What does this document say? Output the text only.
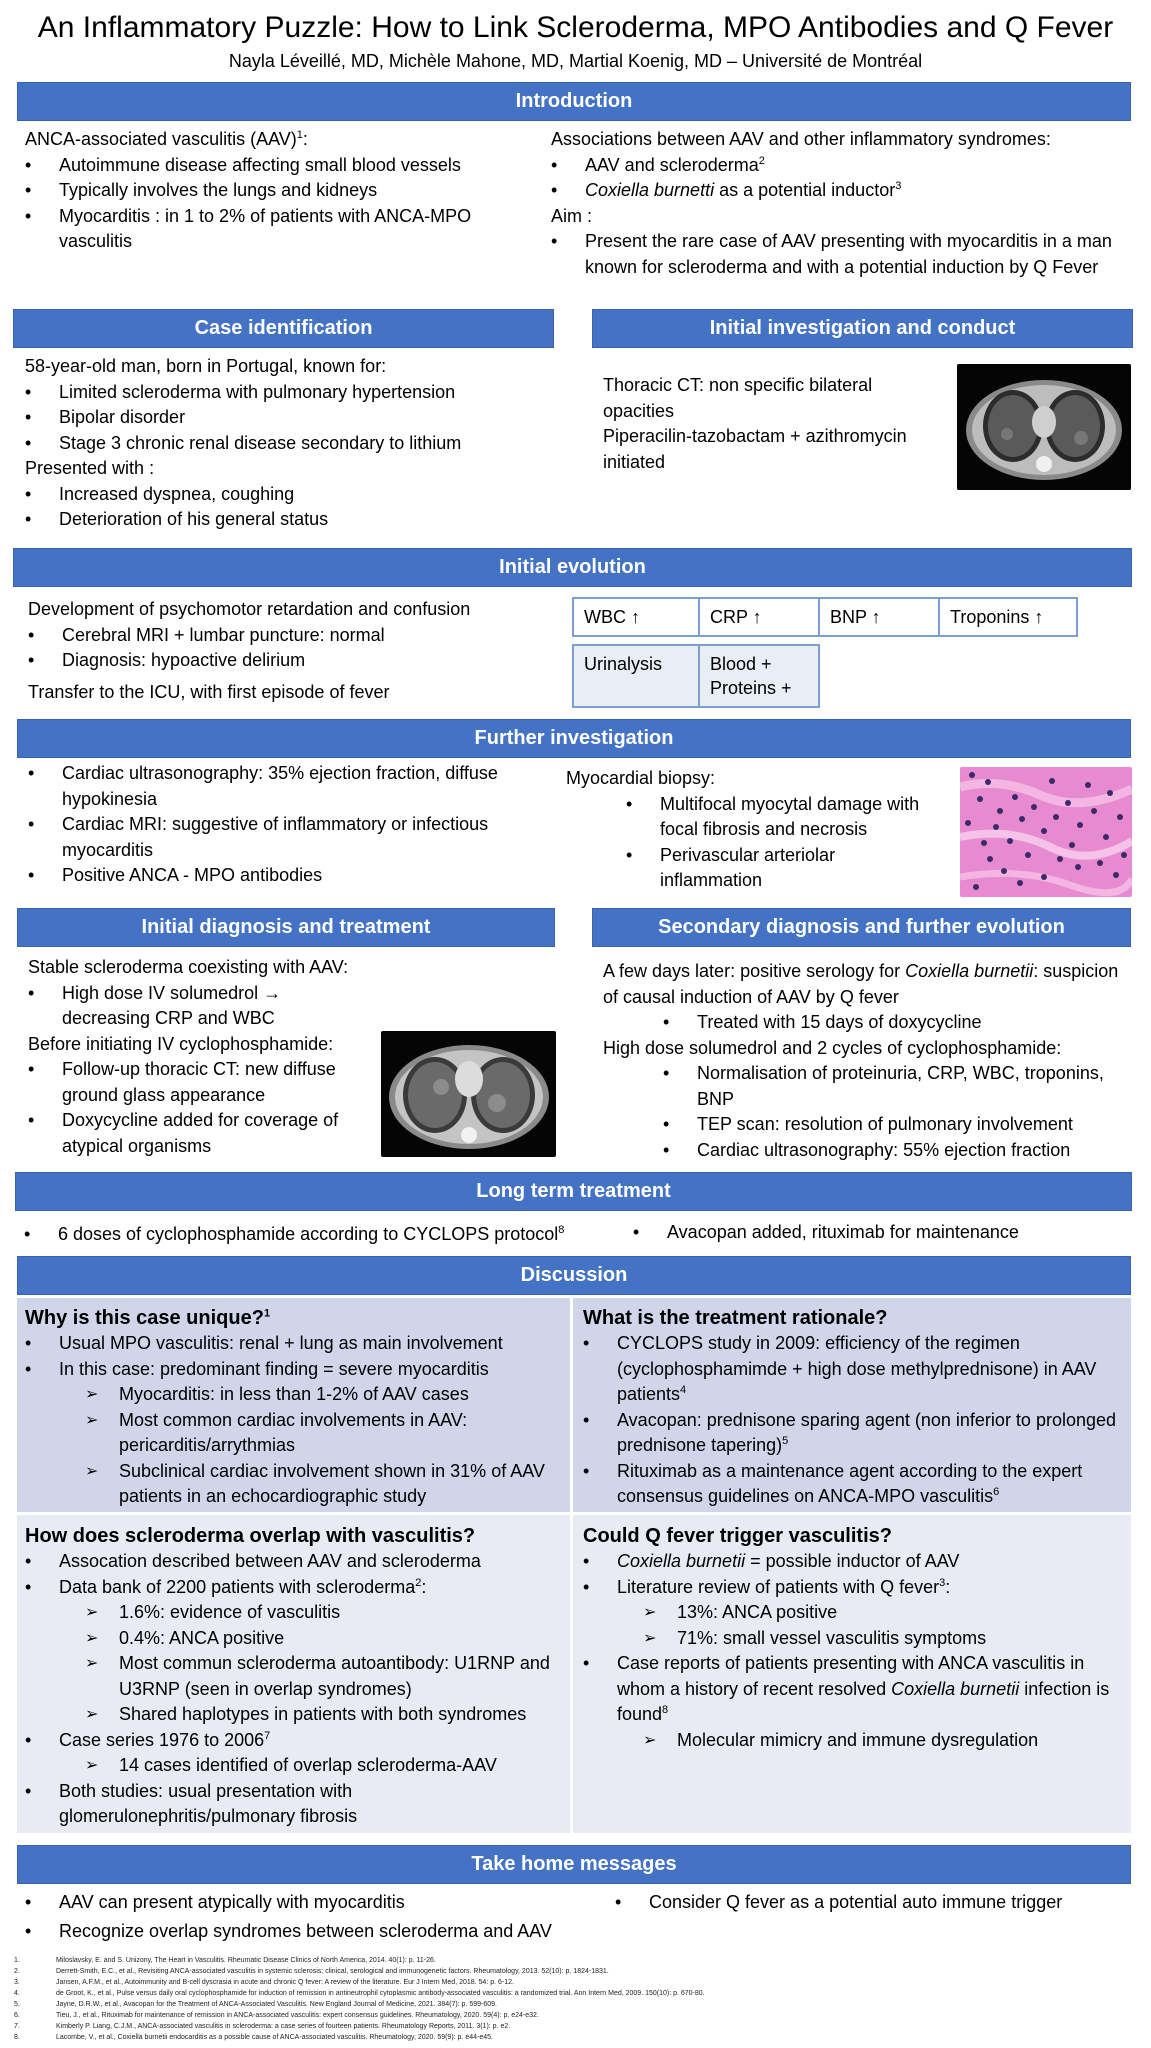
An Inflammatory Puzzle: How to Link Scleroderma, MPO Antibodies and Q Fever
Nayla Léveillé, MD, Michèle Mahone, MD, Martial Koenig, MD – Université de Montréal
Introduction
ANCA-associated vasculitis (AAV)$^1$:
• Autoimmune disease affecting small blood vessels
• Typically involves the lungs and kidneys
• Myocarditis : in 1 to 2% of patients with ANCA-MPO vasculitis
Associations between AAV and other inflammatory syndromes:
• AAV and scleroderma$^2$
• Coxiella burnetti as a potential inductor$^3$
Aim :
• Present the rare case of AAV presenting with myocarditis in a man known for scleroderma and with a potential induction by Q Fever
Case identification
58-year-old man, born in Portugal, known for:
• Limited scleroderma with pulmonary hypertension
• Bipolar disorder
• Stage 3 chronic renal disease secondary to lithium
Presented with :
• Increased dyspnea, coughing
• Deterioration of his general status
Initial investigation and conduct
Thoracic CT: non specific bilateral opacities
Piperacilin-tazobactam + azithromycin initiated
Initial evolution
Development of psychomotor retardation and confusion
• Cerebral MRI + lumbar puncture: normal
• Diagnosis: hypoactive delirium
Transfer to the ICU, with first episode of fever
WBC ↑	CRP ↑	BNP ↑	Troponins ↑
Urinalysis	Blood + Proteins +
Further investigation
• Cardiac ultrasonography: 35% ejection fraction, diffuse hypokinesia
• Cardiac MRI: suggestive of inflammatory or infectious myocarditis
• Positive ANCA - MPO antibodies
Myocardial biopsy:
• Multifocal myocytal damage with focal fibrosis and necrosis
• Perivascular arteriolar inflammation
Initial diagnosis and treatment
Stable scleroderma coexisting with AAV:
• High dose IV solumedrol → decreasing CRP and WBC
Before initiating IV cyclophosphamide:
• Follow-up thoracic CT: new diffuse ground glass appearance
• Doxycycline added for coverage of atypical organisms
Secondary diagnosis and further evolution
A few days later: positive serology for Coxiella burnetii: suspicion of causal induction of AAV by Q fever
• Treated with 15 days of doxycycline
High dose solumedrol and 2 cycles of cyclophosphamide:
• Normalisation of proteinuria, CRP, WBC, troponins, BNP
• TEP scan: resolution of pulmonary involvement
• Cardiac ultrasonography: 55% ejection fraction
Long term treatment
• 6 doses of cyclophosphamide according to CYCLOPS protocol$^8$
•	Avacopan added, rituximab for maintenance
Discussion
Why is this case unique?$^1$
• Usual MPO vasculitis: renal + lung as main involvement
• In this case: predominant finding = severe myocarditis
➢ Myocarditis: in less than 1-2% of AAV cases
➢ Most common cardiac involvements in AAV: pericarditis/arrythmias
➢ Subclinical cardiac involvement shown in 31% of AAV patients in an echocardiographic study
What is the treatment rationale?
• CYCLOPS study in 2009: efficiency of the regimen (cyclophosphamimde + high dose methylprednisone) in AAV patients$^4$
• Avacopan: prednisone sparing agent (non inferior to prolonged prednisone tapering)$^5$
• Rituximab as a maintenance agent according to the expert consensus guidelines on ANCA-MPO vasculitis$^6$
How does scleroderma overlap with vasculitis?
• Assocation described between AAV and scleroderma
• Data bank of 2200 patients with scleroderma$^2$:
➢ 1.6%: evidence of vasculitis
➢ 0.4%: ANCA positive
➢ Most commun scleroderma autoantibody: U1RNP and U3RNP (seen in overlap syndromes)
➢ Shared haplotypes in patients with both syndromes
• Case series 1976 to 2006$^7$
➢ 14 cases identified of overlap scleroderma-AAV
• Both studies: usual presentation with glomerulonephritis/pulmonary fibrosis
Could Q fever trigger vasculitis?
• Coxiella burnetii = possible inductor of AAV
• Literature review of patients with Q fever$^3$:
➢ 13%: ANCA positive
➢ 71%: small vessel vasculitis symptoms
• Case reports of patients presenting with ANCA vasculitis in whom a history of recent resolved Coxiella burnetii infection is found$^8$
➢ Molecular mimicry and immune dysregulation
Take home messages
• AAV can present atypically with myocarditis
• Recognize overlap syndromes between scleroderma and AAV
• Consider Q fever as a potential auto immune trigger
1.	Miloslavsky, E. and S. Unizony, The Heart in Vasculitis. Rheumatic Disease Clinics of North America, 2014. 40(1): p. 11-26.
2.	Derrett-Smith, E.C., et al., Revisiting ANCA-associated vasculitis in systemic sclerosis: clinical, serological and immunogenetic factors. Rheumatology, 2013. 52(10): p. 1824-1831.
3.	Jansen, A.F.M., et al., Autoimmunity and B-cell dyscrasia in acute and chronic Q fever: A review of the literature. Eur J Intern Med, 2018. 54: p. 6-12.
4.	de Groot, K., et al., Pulse versus daily oral cyclophosphamide for induction of remission in antineutrophil cytoplasmic antibody-associated vasculitis: a randomized trial. Ann Intern Med, 2009. 150(10): p. 670-80.
5.	Jayne, D.R.W., et al., Avacopan for the Treatment of ANCA-Associated Vasculitis. New England Journal of Medicine, 2021. 384(7): p. 599-609.
6.	Tieu, J., et al., Rituximab for maintenance of remission in ANCA-associated vasculitis: expert consensus guidelines. Rheumatology, 2020. 59(4): p. e24-e32.
7.	Kimberly P. Liang, C.J.M., ANCA-associated vasculitis in scleroderma: a case series of fourteen patients. Rheumatology Reports, 2011. 3(1): p. e2.
8.	Lacombe, V., et al., Coxiella burnetii endocarditis as a possible cause of ANCA-associated vasculitis. Rheumatology, 2020. 59(9): p. e44-e45.
